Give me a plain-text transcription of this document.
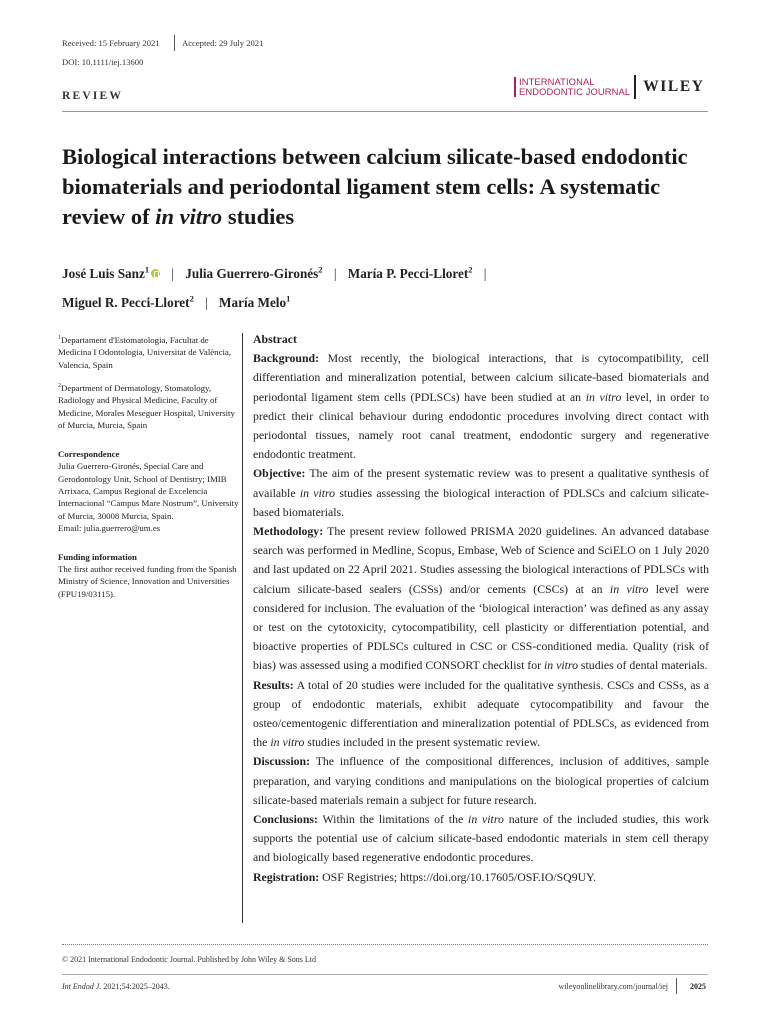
Received: 15 February 2021	Accepted: 29 July 2021
DOI: 10.1111/iej.13600
REVIEW
INTERNATIONAL
ENDODONTIC JOURNAL WILEY
Biological interactions between calcium silicate-based endodontic biomaterials and periodontal ligament stem cells: A systematic review of in vitro studies
José Luis Sanz$^1$ | Julia Guerrero-Gironés$^2$ | María P. Pecci-Lloret$^2$ |
Miguel R. Pecci-Lloret$^2$ | María Melo$^1$

$^1$Departament d'Estomatologia, Facultat de Medicina I Odontologia, Universitat de València, Valencia, Spain

$^2$Department of Dermatology, Stomatology, Radiology and Physical Medicine, Faculty of Medicine, Morales Meseguer Hospital, University of Murcia, Murcia, Spain

Correspondence

Julia Guerrero-Gironés, Special Care and Gerodontology Unit, School of Dentistry; IMIB Arrixaca, Campus Regional de Excelencia Internacional “Campus Mare Nostrum”, University of Murcia, 30008 Murcia, Spain.

Email: julia.guerrero@um.es

Funding information

The first author received funding from the Spanish Ministry of Science, Innovation and Universities (FPU19/03115).

Abstract

Background: Most recently, the biological interactions, that is cytocompatibility, cell differentiation and mineralization potential, between calcium silicate-based biomaterials and periodontal ligament stem cells (PDLSCs) have been studied at an in vitro level, in order to predict their clinical behaviour during endodontic procedures involving direct contact with periodontal tissues, namely root canal treatment, endodontic surgery and regenerative endodontic treatment.

Objective: The aim of the present systematic review was to present a qualitative synthesis of available in vitro studies assessing the biological interaction of PDLSCs and calcium silicate-based biomaterials.

Methodology: The present review followed PRISMA 2020 guidelines. An advanced database search was performed in Medline, Scopus, Embase, Web of Science and SciELO on 1 July 2020 and last updated on 22 April 2021. Studies assessing the biological interactions of PDLSCs with calcium silicate-based sealers (CSSs) and/or cements (CSCs) at an in vitro level were considered for inclusion. The evaluation of the ‘biological interaction’ was defined as any assay or test on the cytotoxicity, cytocompatibility, cell plasticity or differentiation potential, and bioactive properties of PDLSCs cultured in CSC or CSS-conditioned media. Quality (risk of bias) was assessed using a modified CONSORT checklist for in vitro studies of dental materials.

Results: A total of 20 studies were included for the qualitative synthesis. CSCs and CSSs, as a group of endodontic materials, exhibit adequate cytocompatibility and favour the osteo/cementogenic differentiation and mineralization potential of PDLSCs, as evidenced from the in vitro studies included in the present systematic review.

Discussion: The influence of the compositional differences, inclusion of additives, sample preparation, and varying conditions and manipulations on the biological properties of calcium silicate-based materials remain a subject for future research.

Conclusions: Within the limitations of the in vitro nature of the included studies, this work supports the potential use of calcium silicate-based endodontic materials in stem cell therapy and biologically based regenerative endodontic procedures.

Registration: OSF Registries; https://doi.org/10.17605/OSF.IO/SQ9UY.

© 2021 International Endodontic Journal. Published by John Wiley & Sons Ltd
Int Endod J. 2021;54:2025–2043.	wileyonlinelibrary.com/journal/iej	2025
